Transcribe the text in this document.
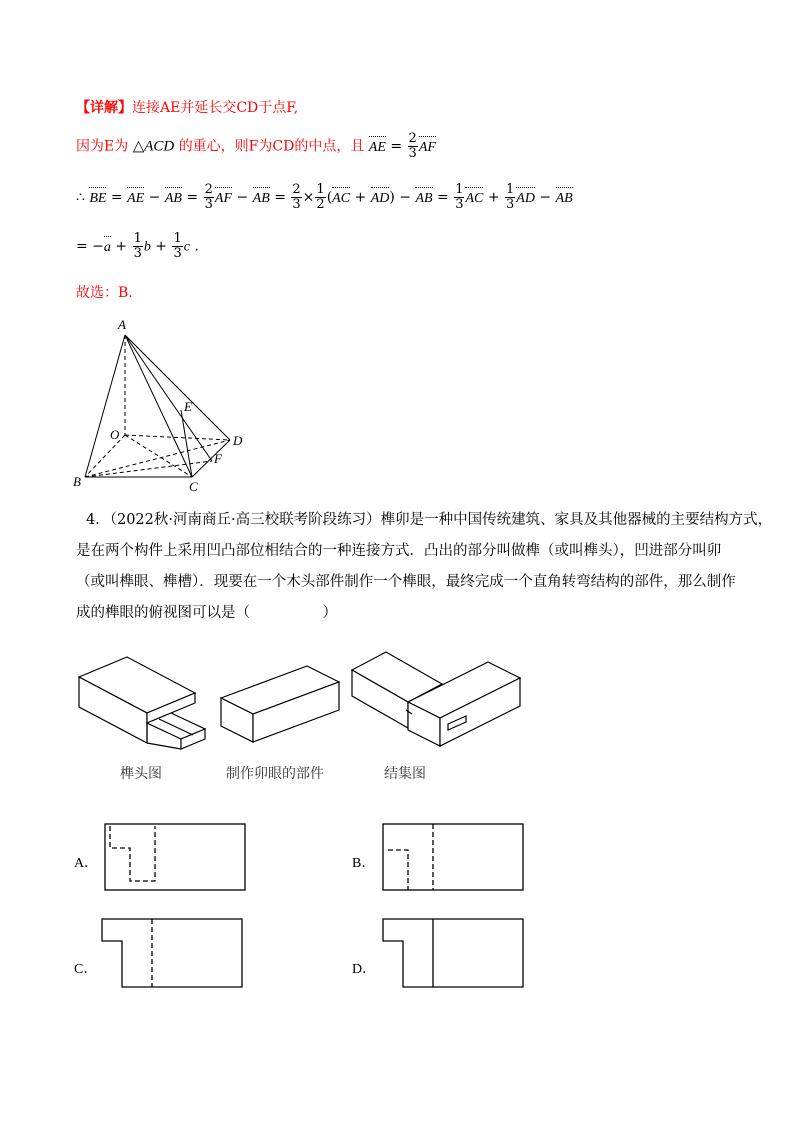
【详解】连接AE并延长交CD于点F,
因为E为 △ACD 的重心，则F为CD的中点，且 AE = $\frac{2}{3}$ AF
∴ BE = AE − AB = $\frac{2}{3}$ AF − AB = $\frac{2}{3} \times \frac{1}{2} (AC + AD)$ − AB = $\frac{1}{3}$ AC + $\frac{1}{3}$ AD − AB
= $-a + \frac{1}{3}$ $b + \frac{1}{3}$ c .
故选：B.
A
E
O	D
F
B	C
4．（2022秋·河南商丘·高三校联考阶段练习）榫卯是一种中国传统建筑、家具及其他器械的主要结构方式，
是在两个构件上采用凹凸部位相结合的一种连接方式．凸出的部分叫做榫（或叫榫头），凹进部分叫卯
（或叫榫眼、榫槽）．现要在一个木头部件制作一个榫眼，最终完成一个直角转弯结构的部件，那么制作
成的榫眼的俯视图可以是（　　　　　）
榫头图	制作卯眼的部件	结集图
A．	B．
C．	D．
